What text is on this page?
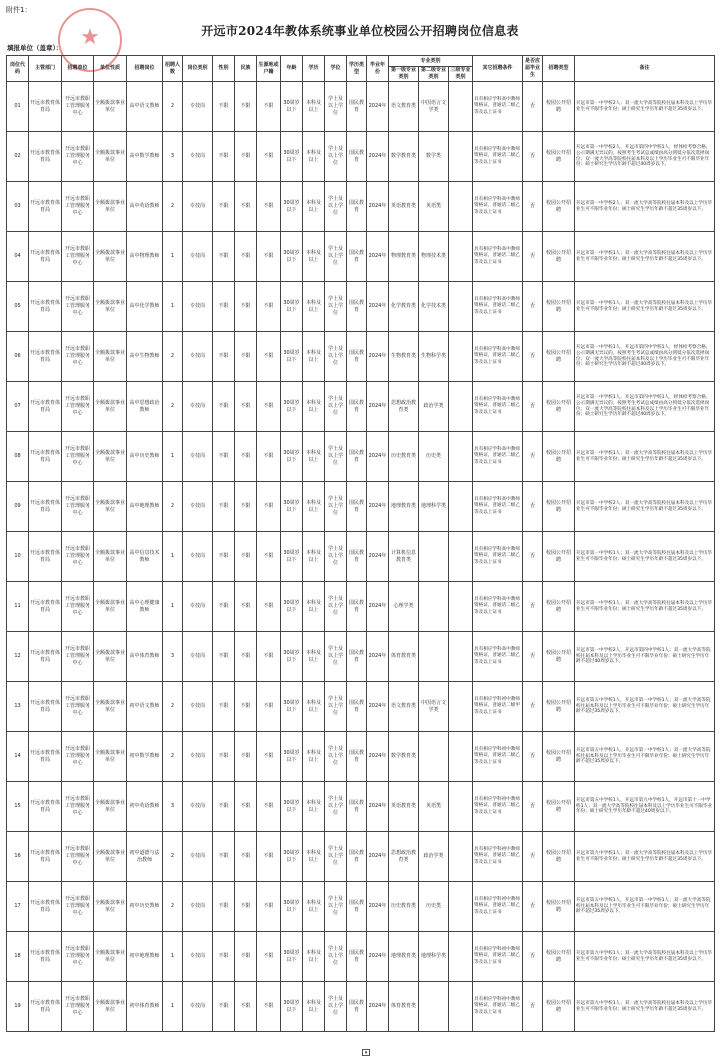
附件1：
★	开远市2024年教体系统事业单位校园公开招聘岗位信息表
填报单位（盖章）：
岗位代码	主管部门	招聘单位	单位性质	招聘岗位	招聘人数	岗位类别	性别	民族	生源地或户籍	年龄	学历	学位	学历类型	毕业年份	专业类别			其它招聘条件	是否应届毕业生	招聘类型	备注
															第一级专业类别	第二级专业类别	三级专业类别				
01	开远市教育体育局	开远市教职工管理服务中心	全额拨款事业单位	高中语文教师	2	专技岗	不限	不限	不限	30周岁以下	本科及以上	学士及以上学位	国民教育	2024年	语文教育类	中国语言文学类		具有相应学科高中教师资格证，普通话二级乙等及以上证书	否	校园公开招聘	开远市第一中学校2人；双一流大学高等院校往届本科及以上学历毕业生可不限毕业年份；硕士研究生学历年龄不超过35周岁以下。
02	开远市教育体育局	开远市教职工管理服务中心	全额拨款事业单位	高中数学教师	3	专技岗	不限	不限	不限	30周岁以下	本科及以上	学士及以上学位	国民教育	2024年	数学教育类	数学类		具有相应学科高中教师资格证，普通话二级乙等及以上证书	否	校园公开招聘	开远市第一中学校2人，开远市第四中学校1人，经体检考察合格、公示期满无异议的，按照考生考试总成绩由高分到低分依次选择岗位；双一流大学高等院校往届本科及以上学历毕业生可不限毕业年份；硕士研究生学历年龄不超过40周岁以下。
03	开远市教育体育局	开远市教职工管理服务中心	全额拨款事业单位	高中英语教师	2	专技岗	不限	不限	不限	30周岁以下	本科及以上	学士及以上学位	国民教育	2024年	英语教育类	英语类		具有相应学科高中教师资格证，普通话二级乙等及以上证书	否	校园公开招聘	开远市第一中学校2人；双一流大学高等院校往届本科及以上学历毕业生可不限毕业年份；硕士研究生学历年龄不超过35周岁以下。
04	开远市教育体育局	开远市教职工管理服务中心	全额拨款事业单位	高中物理教师	1	专技岗	不限	不限	不限	30周岁以下	本科及以上	学士及以上学位	国民教育	2024年	物理教育类	物理技术类		具有相应学科高中教师资格证，普通话二级乙等及以上证书	否	校园公开招聘	开远市第一中学校1人；双一流大学高等院校往届本科及以上学历毕业生可不限毕业年份；硕士研究生学历年龄不超过35周岁以下。
05	开远市教育体育局	开远市教职工管理服务中心	全额拨款事业单位	高中化学教师	1	专技岗	不限	不限	不限	30周岁以下	本科及以上	学士及以上学位	国民教育	2024年	化学教育类	化学技术类		具有相应学科高中教师资格证，普通话二级乙等及以上证书	否	校园公开招聘	开远市第一中学校1人；双一流大学高等院校往届本科及以上学历毕业生可不限毕业年份；硕士研究生学历年龄不超过35周岁以下。
06	开远市教育体育局	开远市教职工管理服务中心	全额拨款事业单位	高中生物教师	2	专技岗	不限	不限	不限	30周岁以下	本科及以上	学士及以上学位	国民教育	2024年	生物教育类	生物科学类		具有相应学科高中教师资格证，普通话二级乙等及以上证书	否	校园公开招聘	开远市第一中学校1人，开远市第四中学校1人，经体检考察合格、公示期满无异议的，按照考生考试总成绩由高分到低分依次选择岗位；双一流大学高等院校往届本科及以上学历毕业生可不限毕业年份；硕士研究生学历年龄不超过40周岁以下。
07	开远市教育体育局	开远市教职工管理服务中心	全额拨款事业单位	高中思想政治教师	2	专技岗	不限	不限	不限	30周岁以下	本科及以上	学士及以上学位	国民教育	2024年	思想政治教育类	政治学类		具有相应学科高中教师资格证，普通话二级乙等及以上证书	否	校园公开招聘	开远市第一中学校1人，开远市第四中学校1人，经体检考察合格、公示期满无异议的，按照考生考试总成绩由高分到低分依次选择岗位；双一流大学高等院校往届本科及以上学历毕业生可不限毕业年份；硕士研究生学历年龄不超过40周岁以下。
08	开远市教育体育局	开远市教职工管理服务中心	全额拨款事业单位	高中历史教师	1	专技岗	不限	不限	不限	30周岁以下	本科及以上	学士及以上学位	国民教育	2024年	历史教育类	历史类		具有相应学科高中教师资格证，普通话二级乙等及以上证书	否	校园公开招聘	开远市第一中学校1人；双一流大学高等院校往届本科及以上学历毕业生可不限毕业年份；硕士研究生学历年龄不超过35周岁以下。
09	开远市教育体育局	开远市教职工管理服务中心	全额拨款事业单位	高中地理教师	2	专技岗	不限	不限	不限	30周岁以下	本科及以上	学士及以上学位	国民教育	2024年	地理教育类	地理科学类		具有相应学科高中教师资格证，普通话二级乙等及以上证书	否	校园公开招聘	开远市第一中学校2人；双一流大学高等院校往届本科及以上学历毕业生可不限毕业年份；硕士研究生学历年龄不超过35周岁以下。
10	开远市教育体育局	开远市教职工管理服务中心	全额拨款事业单位	高中信息技术教师	1	专技岗	不限	不限	不限	30周岁以下	本科及以上	学士及以上学位	国民教育	2024年	计算机信息教育类			具有相应学科高中教师资格证，普通话二级乙等及以上证书	否	校园公开招聘	开远市第一中学校1人；双一流大学高等院校往届本科及以上学历毕业生可不限毕业年份；硕士研究生学历年龄不超过35周岁以下。
11	开远市教育体育局	开远市教职工管理服务中心	全额拨款事业单位	高中心理健康教师	1	专技岗	不限	不限	不限	30周岁以下	本科及以上	学士及以上学位	国民教育	2024年	心理学类			具有相应学科高中教师资格证，普通话二级乙等及以上证书	否	校园公开招聘	开远市第一中学校1人；双一流大学高等院校往届本科及以上学历毕业生可不限毕业年份；硕士研究生学历年龄不超过35周岁以下。
12	开远市教育体育局	开远市教职工管理服务中心	全额拨款事业单位	高中体育教师	3	专技岗	不限	不限	不限	30周岁以下	本科及以上	学士及以上学位	国民教育	2024年	体育教育类			具有相应学科高中教师资格证，普通话二级乙等及以上证书	否	校园公开招聘	开远市第一中学校2人，开远市第四中学校1人；双一流大学高等院校往届本科及以上学历毕业生可不限毕业年份；硕士研究生学历年龄不超过40周岁以下。
13	开远市教育体育局	开远市教职工管理服务中心	全额拨款事业单位	初中语文教师	2	专技岗	不限	不限	不限	30周岁以下	本科及以上	学士及以上学位	国民教育	2024年	语文教育类	中国语言文学类		具有相应学科初中教师资格证，普通话二级甲等及以上证书	否	校园公开招聘	开远市第五中学校1人，开远市第一中学校1人；双一流大学高等院校往届本科及以上学历毕业生可不限毕业年份；硕士研究生学历年龄不超过35周岁以下。
14	开远市教育体育局	开远市教职工管理服务中心	全额拨款事业单位	初中数学教师	2	专技岗	不限	不限	不限	30周岁以下	本科及以上	学士及以上学位	国民教育	2024年	数学教育类			具有相应学科初中教师资格证，普通话二级乙等及以上证书	否	校园公开招聘	开远市第五中学校1人，开远市第一中学校1人；双一流大学高等院校往届本科及以上学历毕业生可不限毕业年份；硕士研究生学历年龄不超过35周岁以下。
15	开远市教育体育局	开远市教职工管理服务中心	全额拨款事业单位	初中英语教师	3	专技岗	不限	不限	不限	30周岁以下	本科及以上	学士及以上学位	国民教育	2024年	英语教育类	英语类		具有相应学科初中教师资格证，普通话二级乙等及以上证书	否	校园公开招聘	开远市第五中学校1人，开远市第九中学校1人，开远市第十一中学校1人；双一流大学高等院校往届本科及以上学历毕业生可不限毕业年份；硕士研究生学历年龄不超过40周岁以下。
16	开远市教育体育局	开远市教职工管理服务中心	全额拨款事业单位	初中道德与法治教师	2	专技岗	不限	不限	不限	30周岁以下	本科及以上	学士及以上学位	国民教育	2024年	思想政治教育类	政治学类		具有相应学科初中教师资格证，普通话二级乙等及以上证书	否	校园公开招聘	开远市第九中学校1人；双一流大学高等院校往届本科及以上学历毕业生可不限毕业年份；硕士研究生学历年龄不超过35周岁以下。
17	开远市教育体育局	开远市教职工管理服务中心	全额拨款事业单位	初中历史教师	2	专技岗	不限	不限	不限	30周岁以下	本科及以上	学士及以上学位	国民教育	2024年	历史教育类	历史类		具有相应学科初中教师资格证，普通话二级乙等及以上证书	否	校园公开招聘	开远市第五中学校1人，开远市第一中学校1人；双一流大学高等院校往届本科及以上学历毕业生可不限毕业年份；硕士研究生学历年龄不超过35周岁以下。
18	开远市教育体育局	开远市教职工管理服务中心	全额拨款事业单位	初中地理教师	1	专技岗	不限	不限	不限	30周岁以下	本科及以上	学士及以上学位	国民教育	2024年	地理教育类	地理科学类		具有相应学科初中教师资格证，普通话二级乙等及以上证书	否	校园公开招聘	开远市第九中学校1人；双一流大学高等院校往届本科及以上学历毕业生可不限毕业年份；硕士研究生学历年龄不超过35周岁以下。
19	开远市教育体育局	开远市教职工管理服务中心	全额拨款事业单位	初中体育教师	1	专技岗	不限	不限	不限	30周岁以下	本科及以上	学士及以上学位	国民教育	2024年	体育教育类			具有相应学科初中教师资格证，普通话二级乙等及以上证书	否	校园公开招聘	开远市第九中学校1人；双一流大学高等院校往届本科及以上学历毕业生可不限毕业年份；硕士研究生学历年龄不超过35周岁以下。
▾
